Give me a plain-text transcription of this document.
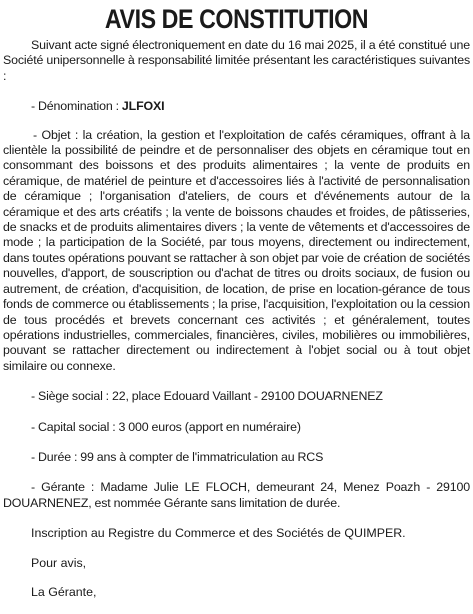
AVIS DE CONSTITUTION

Suivant acte signé électroniquement en date du 16 mai 2025, il a été constitué une Société unipersonnelle à responsabilité limitée présentant les caractéristiques suivantes :

- Dénomination : JLFOXI

- Objet : la création, la gestion et l'exploitation de cafés céramiques, offrant à la clientèle la possibilité de peindre et de personnaliser des objets en céramique tout en consommant des boissons et des produits alimentaires ; la vente de produits en céramique, de matériel de peinture et d'accessoires liés à l'activité de personnalisation de céramique ; l'organisation d'ateliers, de cours et d'événements autour de la céramique et des arts créatifs ; la vente de boissons chaudes et froides, de pâtisseries, de snacks et de produits alimentaires divers ; la vente de vêtements et d'accessoires de mode ; la participation de la Société, par tous moyens, directement ou indirectement, dans toutes opérations pouvant se rattacher à son objet par voie de création de sociétés nouvelles, d'apport, de souscription ou d'achat de titres ou droits sociaux, de fusion ou autrement, de création, d'acquisition, de location, de prise en location-gérance de tous fonds de commerce ou établissements ; la prise, l'acquisition, l'exploitation ou la cession de tous procédés et brevets concernant ces activités ; et généralement, toutes opérations industrielles, commerciales, financières, civiles, mobilières ou immobilières, pouvant se rattacher directement ou indirectement à l'objet social ou à tout objet similaire ou connexe.

- Siège social : 22, place Edouard Vaillant - 29100 DOUARNENEZ

- Capital social : 3 000 euros (apport en numéraire)

- Durée : 99 ans à compter de l'immatriculation au RCS

- Gérante : Madame Julie LE FLOCH, demeurant 24, Menez Poazh - 29100 DOUARNENEZ, est nommée Gérante sans limitation de durée.

Inscription au Registre du Commerce et des Sociétés de QUIMPER.

Pour avis,

La Gérante,
